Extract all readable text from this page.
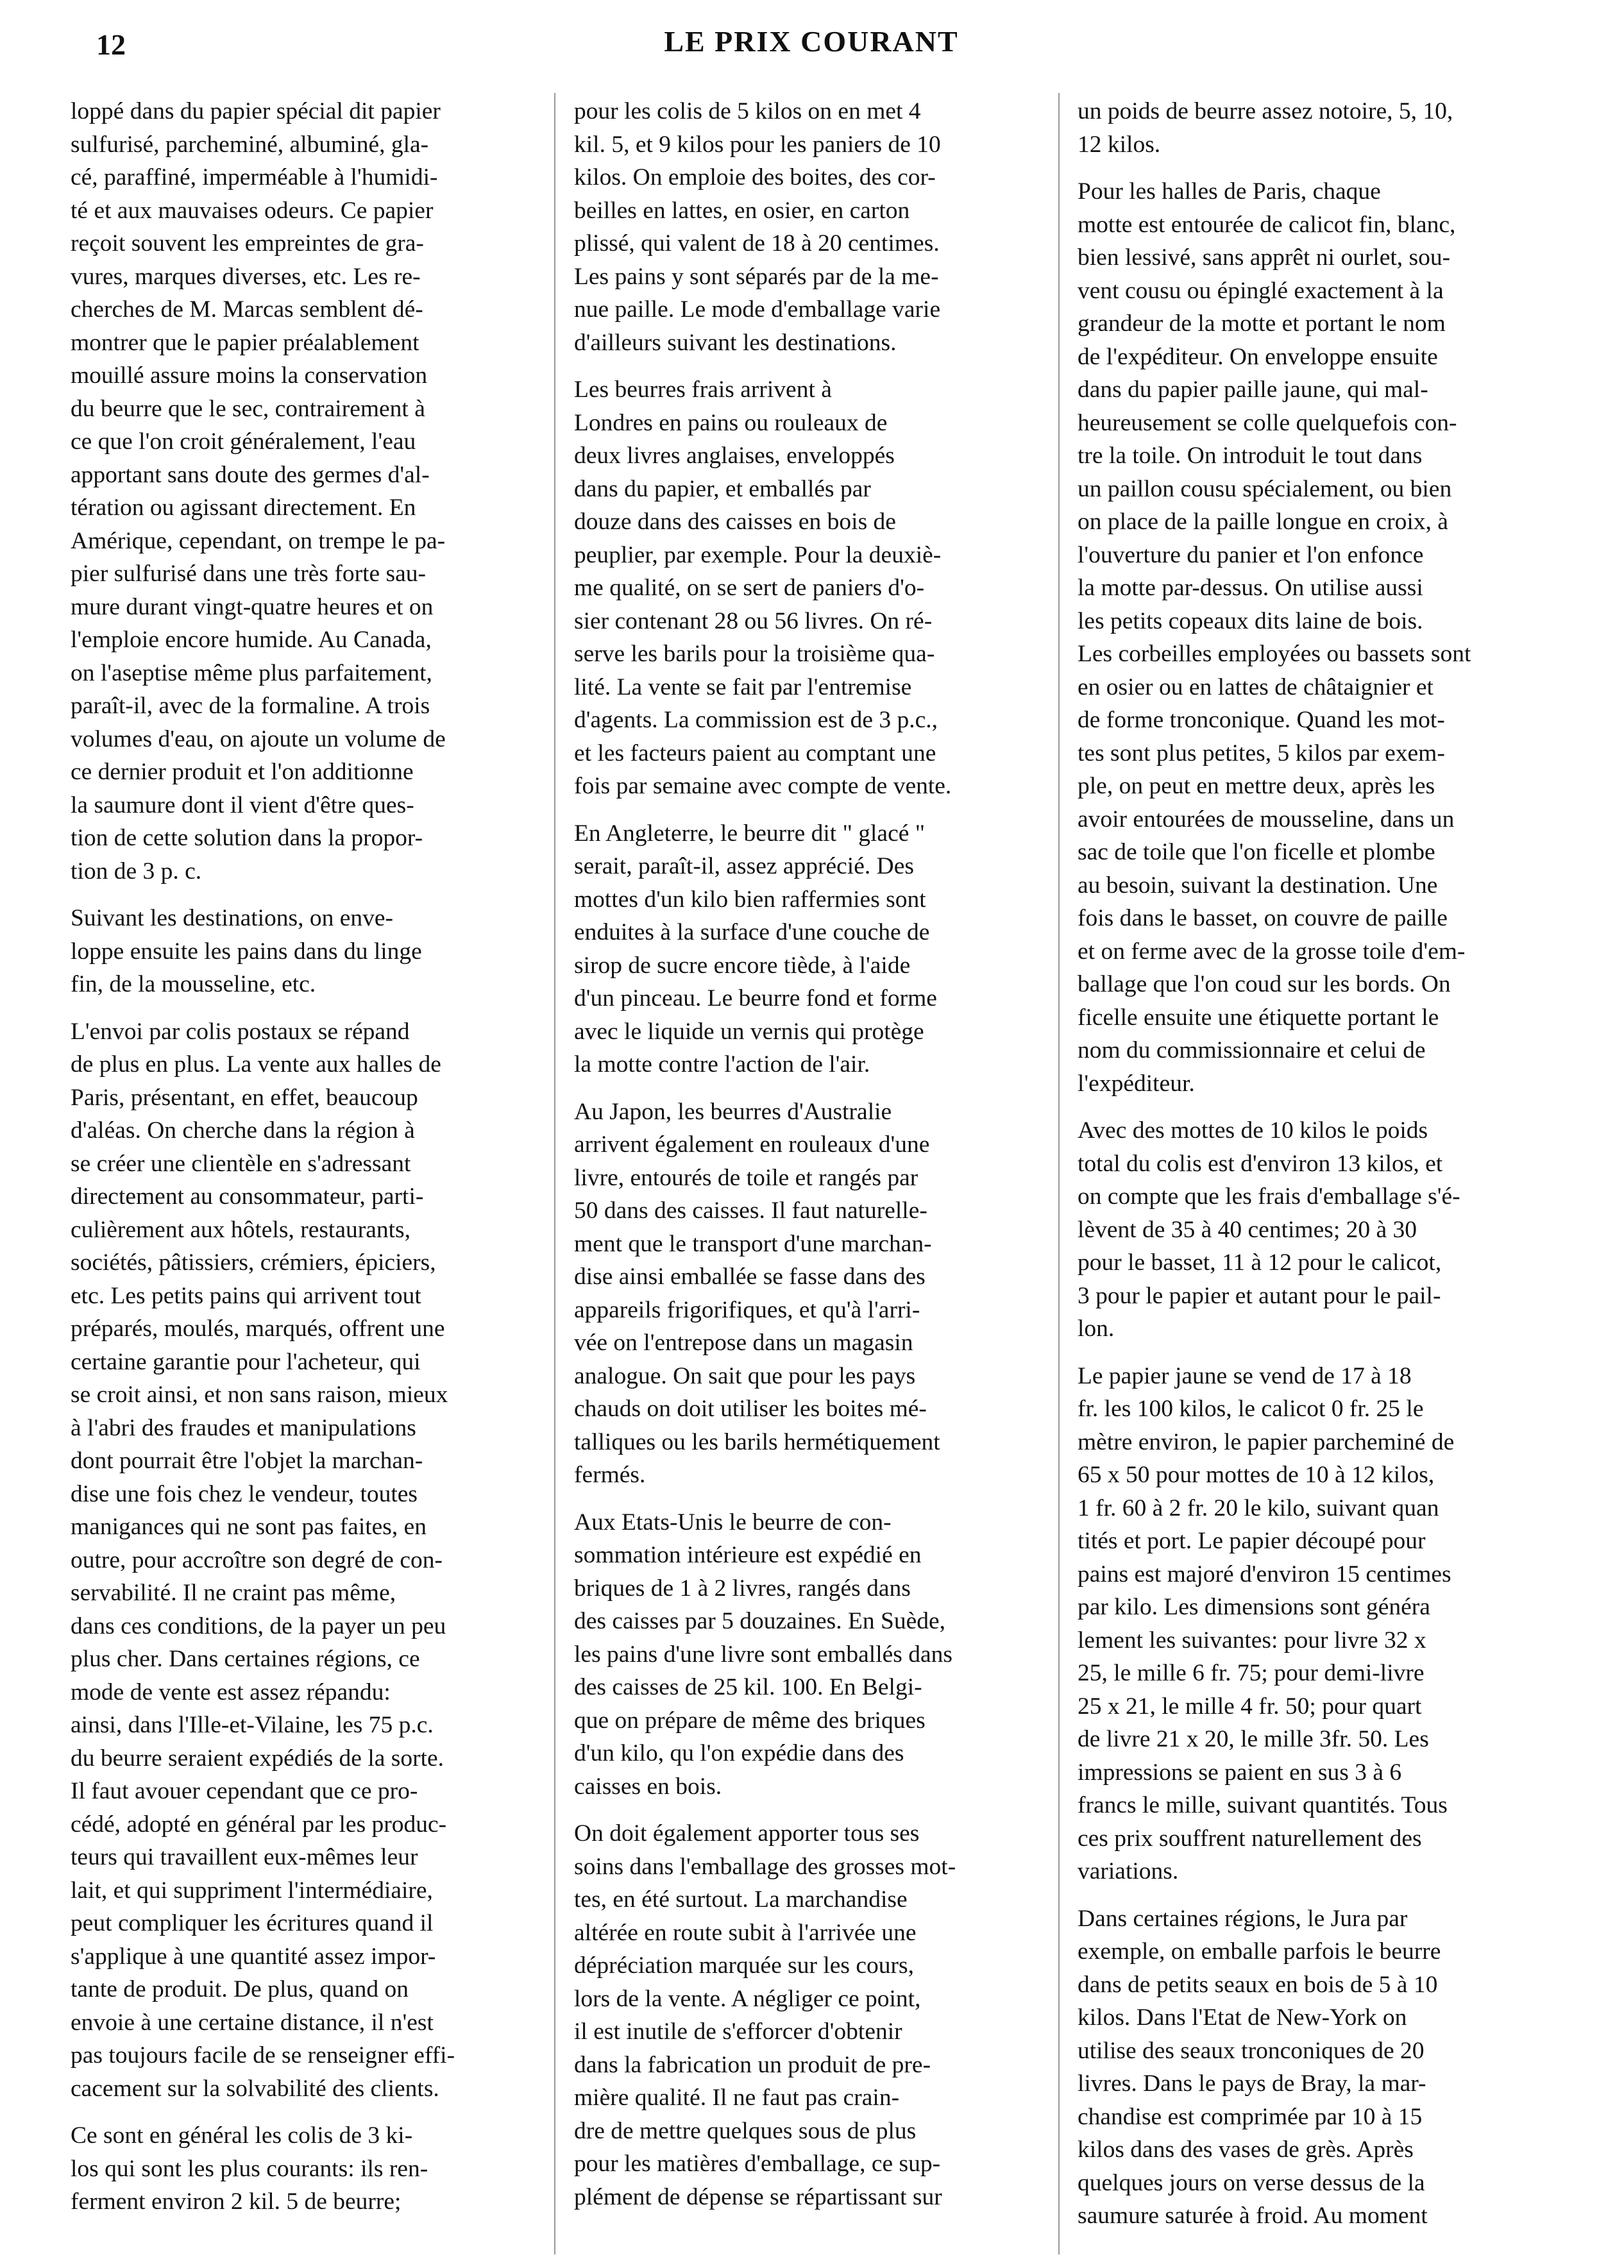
12	LE PRIX COURANT

loppé dans du papier spécial dit papier

sulfurisé, parcheminé, albuminé, gla-

cé, paraffiné, imperméable à l'humidi-

té et aux mauvaises odeurs. Ce papier

reçoit souvent les empreintes de gra-

vures, marques diverses, etc. Les re-

cherches de M. Marcas semblent dé-

montrer que le papier préalablement

mouillé assure moins la conservation

du beurre que le sec, contrairement à

ce que l'on croit généralement, l'eau

apportant sans doute des germes d'al-

tération ou agissant directement. En

Amérique, cependant, on trempe le pa-

pier sulfurisé dans une très forte sau-

mure durant vingt-quatre heures et on

l'emploie encore humide. Au Canada,

on l'aseptise même plus parfaitement,

paraît-il, avec de la formaline. A trois

volumes d'eau, on ajoute un volume de

ce dernier produit et l'on additionne

la saumure dont il vient d'être ques-

tion de cette solution dans la propor-

tion de 3 p. c.

Suivant les destinations, on enve-

loppe ensuite les pains dans du linge

fin, de la mousseline, etc.

L'envoi par colis postaux se répand

de plus en plus. La vente aux halles de

Paris, présentant, en effet, beaucoup

d'aléas. On cherche dans la région à

se créer une clientèle en s'adressant

directement au consommateur, parti-

culièrement aux hôtels, restaurants,

sociétés, pâtissiers, crémiers, épiciers,

etc. Les petits pains qui arrivent tout

préparés, moulés, marqués, offrent une

certaine garantie pour l'acheteur, qui

se croit ainsi, et non sans raison, mieux

à l'abri des fraudes et manipulations

dont pourrait être l'objet la marchan-

dise une fois chez le vendeur, toutes

manigances qui ne sont pas faites, en

outre, pour accroître son degré de con-

servabilité. Il ne craint pas même,

dans ces conditions, de la payer un peu

plus cher. Dans certaines régions, ce

mode de vente est assez répandu:

ainsi, dans l'Ille-et-Vilaine, les 75 p.c.

du beurre seraient expédiés de la sorte.

Il faut avouer cependant que ce pro-

cédé, adopté en général par les produc-

teurs qui travaillent eux-mêmes leur

lait, et qui suppriment l'intermédiaire,

peut compliquer les écritures quand il

s'applique à une quantité assez impor-

tante de produit. De plus, quand on

envoie à une certaine distance, il n'est

pas toujours facile de se renseigner effi-

cacement sur la solvabilité des clients.

Ce sont en général les colis de 3 ki-

los qui sont les plus courants: ils ren-

ferment environ 2 kil. 5 de beurre;

pour les colis de 5 kilos on en met 4

kil. 5, et 9 kilos pour les paniers de 10

kilos. On emploie des boites, des cor-

beilles en lattes, en osier, en carton

plissé, qui valent de 18 à 20 centimes.

Les pains y sont séparés par de la me-

nue paille. Le mode d'emballage varie

d'ailleurs suivant les destinations.

Les beurres frais arrivent à

Londres en pains ou rouleaux de

deux livres anglaises, enveloppés

dans du papier, et emballés par

douze dans des caisses en bois de

peuplier, par exemple. Pour la deuxiè-

me qualité, on se sert de paniers d'o-

sier contenant 28 ou 56 livres. On ré-

serve les barils pour la troisième qua-

lité. La vente se fait par l'entremise

d'agents. La commission est de 3 p.c.,

et les facteurs paient au comptant une

fois par semaine avec compte de vente.

En Angleterre, le beurre dit " glacé "

serait, paraît-il, assez apprécié. Des

mottes d'un kilo bien raffermies sont

enduites à la surface d'une couche de

sirop de sucre encore tiède, à l'aide

d'un pinceau. Le beurre fond et forme

avec le liquide un vernis qui protège

la motte contre l'action de l'air.

Au Japon, les beurres d'Australie

arrivent également en rouleaux d'une

livre, entourés de toile et rangés par

50 dans des caisses. Il faut naturelle-

ment que le transport d'une marchan-

dise ainsi emballée se fasse dans des

appareils frigorifiques, et qu'à l'arri-

vée on l'entrepose dans un magasin

analogue. On sait que pour les pays

chauds on doit utiliser les boites mé-

talliques ou les barils hermétiquement

fermés.

Aux Etats-Unis le beurre de con-

sommation intérieure est expédié en

briques de 1 à 2 livres, rangés dans

des caisses par 5 douzaines. En Suède,

les pains d'une livre sont emballés dans

des caisses de 25 kil. 100. En Belgi-

que on prépare de même des briques

d'un kilo, qu l'on expédie dans des

caisses en bois.

On doit également apporter tous ses

soins dans l'emballage des grosses mot-

tes, en été surtout. La marchandise

altérée en route subit à l'arrivée une

dépréciation marquée sur les cours,

lors de la vente. A négliger ce point,

il est inutile de s'efforcer d'obtenir

dans la fabrication un produit de pre-

mière qualité. Il ne faut pas crain-

dre de mettre quelques sous de plus

pour les matières d'emballage, ce sup-

plément de dépense se répartissant sur

un poids de beurre assez notoire, 5, 10,

12 kilos.

Pour les halles de Paris, chaque

motte est entourée de calicot fin, blanc,

bien lessivé, sans apprêt ni ourlet, sou-

vent cousu ou épinglé exactement à la

grandeur de la motte et portant le nom

de l'expéditeur. On enveloppe ensuite

dans du papier paille jaune, qui mal-

heureusement se colle quelquefois con-

tre la toile. On introduit le tout dans

un paillon cousu spécialement, ou bien

on place de la paille longue en croix, à

l'ouverture du panier et l'on enfonce

la motte par-dessus. On utilise aussi

les petits copeaux dits laine de bois.

Les corbeilles employées ou bassets sont

en osier ou en lattes de châtaignier et

de forme tronconique. Quand les mot-

tes sont plus petites, 5 kilos par exem-

ple, on peut en mettre deux, après les

avoir entourées de mousseline, dans un

sac de toile que l'on ficelle et plombe

au besoin, suivant la destination. Une

fois dans le basset, on couvre de paille

et on ferme avec de la grosse toile d'em-

ballage que l'on coud sur les bords. On

ficelle ensuite une étiquette portant le

nom du commissionnaire et celui de

l'expéditeur.

Avec des mottes de 10 kilos le poids

total du colis est d'environ 13 kilos, et

on compte que les frais d'emballage s'é-

lèvent de 35 à 40 centimes; 20 à 30

pour le basset, 11 à 12 pour le calicot,

3 pour le papier et autant pour le pail-

lon.

Le papier jaune se vend de 17 à 18

fr. les 100 kilos, le calicot 0 fr. 25 le

mètre environ, le papier parcheminé de

65 x 50 pour mottes de 10 à 12 kilos,

1 fr. 60 à 2 fr. 20 le kilo, suivant quan

tités et port. Le papier découpé pour

pains est majoré d'environ 15 centimes

par kilo. Les dimensions sont généra

lement les suivantes: pour livre 32 x

25, le mille 6 fr. 75; pour demi-livre

25 x 21, le mille 4 fr. 50; pour quart

de livre 21 x 20, le mille 3fr. 50. Les

impressions se paient en sus 3 à 6

francs le mille, suivant quantités. Tous

ces prix souffrent naturellement des

variations.

Dans certaines régions, le Jura par

exemple, on emballe parfois le beurre

dans de petits seaux en bois de 5 à 10

kilos. Dans l'Etat de New-York on

utilise des seaux tronconiques de 20

livres. Dans le pays de Bray, la mar-

chandise est comprimée par 10 à 15

kilos dans des vases de grès. Après

quelques jours on verse dessus de la

saumure saturée à froid. Au moment
